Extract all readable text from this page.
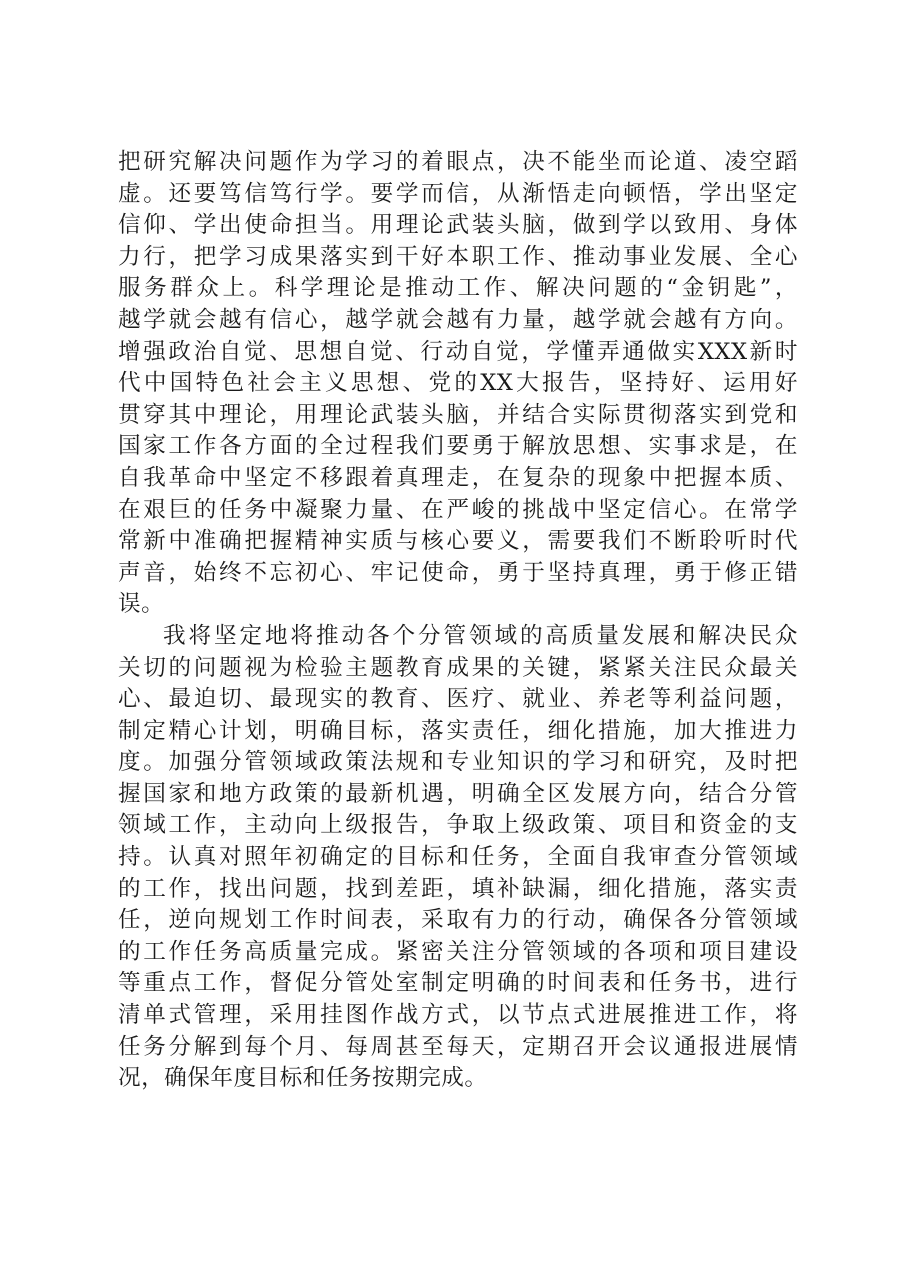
把研究解决问题作为学习的着眼点，决不能坐而论道、凌空蹈
虚。还要笃信笃行学。要学而信，从渐悟走向顿悟，学出坚定
信仰、学出使命担当。用理论武装头脑，做到学以致用、身体
力行，把学习成果落实到干好本职工作、推动事业发展、全心
服务群众上。科学理论是推动工作、解决问题的“金钥匙”，
越学就会越有信心，越学就会越有力量，越学就会越有方向。
增强政治自觉、思想自觉、行动自觉，学懂弄通做实XXX新时
代中国特色社会主义思想、党的XX大报告，坚持好、运用好
贯穿其中理论，用理论武装头脑，并结合实际贯彻落实到党和
国家工作各方面的全过程我们要勇于解放思想、实事求是，在
自我革命中坚定不移跟着真理走，在复杂的现象中把握本质、
在艰巨的任务中凝聚力量、在严峻的挑战中坚定信心。在常学
常新中准确把握精神实质与核心要义，需要我们不断聆听时代
声音，始终不忘初心、牢记使命，勇于坚持真理，勇于修正错
误。
我将坚定地将推动各个分管领域的高质量发展和解决民众
关切的问题视为检验主题教育成果的关键，紧紧关注民众最关
心、最迫切、最现实的教育、医疗、就业、养老等利益问题，
制定精心计划，明确目标，落实责任，细化措施，加大推进力
度。加强分管领域政策法规和专业知识的学习和研究，及时把
握国家和地方政策的最新机遇，明确全区发展方向，结合分管
领域工作，主动向上级报告，争取上级政策、项目和资金的支
持。认真对照年初确定的目标和任务，全面自我审查分管领域
的工作，找出问题，找到差距，填补缺漏，细化措施，落实责
任，逆向规划工作时间表，采取有力的行动，确保各分管领域
的工作任务高质量完成。紧密关注分管领域的各项和项目建设
等重点工作，督促分管处室制定明确的时间表和任务书，进行
清单式管理，采用挂图作战方式，以节点式进展推进工作，将
任务分解到每个月、每周甚至每天，定期召开会议通报进展情
况，确保年度目标和任务按期完成。
